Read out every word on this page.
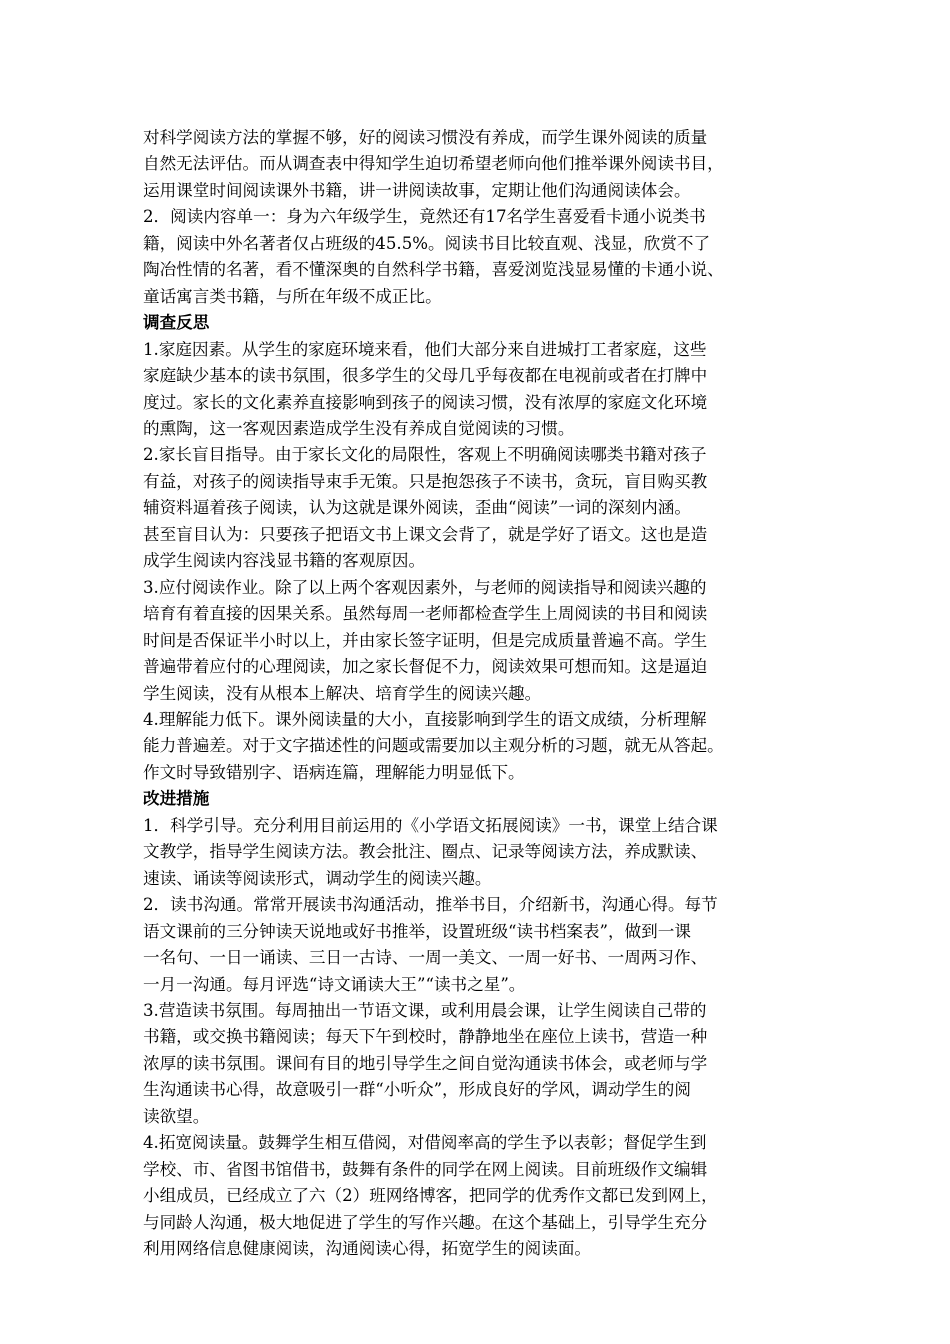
对科学阅读方法的掌握不够，好的阅读习惯没有养成，而学生课外阅读的质量
自然无法评估。而从调查表中得知学生迫切希望老师向他们推举课外阅读书目，
运用课堂时间阅读课外书籍，讲一讲阅读故事，定期让他们沟通阅读体会。
2．阅读内容单一：身为六年级学生，竟然还有17名学生喜爱看卡通小说类书
籍，阅读中外名著者仅占班级的45.5%。阅读书目比较直观、浅显，欣赏不了
陶冶性情的名著，看不懂深奥的自然科学书籍，喜爱浏览浅显易懂的卡通小说、
童话寓言类书籍，与所在年级不成正比。
调查反思
1.家庭因素。从学生的家庭环境来看，他们大部分来自进城打工者家庭，这些
家庭缺少基本的读书氛围，很多学生的父母几乎每夜都在电视前或者在打牌中
度过。家长的文化素养直接影响到孩子的阅读习惯，没有浓厚的家庭文化环境
的熏陶，这一客观因素造成学生没有养成自觉阅读的习惯。
2.家长盲目指导。由于家长文化的局限性，客观上不明确阅读哪类书籍对孩子
有益，对孩子的阅读指导束手无策。只是抱怨孩子不读书，贪玩，盲目购买教
辅资料逼着孩子阅读，认为这就是课外阅读，歪曲“阅读”一词的深刻内涵。
甚至盲目认为：只要孩子把语文书上课文会背了，就是学好了语文。这也是造
成学生阅读内容浅显书籍的客观原因。
3.应付阅读作业。除了以上两个客观因素外，与老师的阅读指导和阅读兴趣的
培育有着直接的因果关系。虽然每周一老师都检查学生上周阅读的书目和阅读
时间是否保证半小时以上，并由家长签字证明，但是完成质量普遍不高。学生
普遍带着应付的心理阅读，加之家长督促不力，阅读效果可想而知。这是逼迫
学生阅读，没有从根本上解决、培育学生的阅读兴趣。
4.理解能力低下。课外阅读量的大小，直接影响到学生的语文成绩，分析理解
能力普遍差。对于文字描述性的问题或需要加以主观分析的习题，就无从答起。
作文时导致错别字、语病连篇，理解能力明显低下。
改进措施
1．科学引导。充分利用目前运用的《小学语文拓展阅读》一书，课堂上结合课
文教学，指导学生阅读方法。教会批注、圈点、记录等阅读方法，养成默读、
速读、诵读等阅读形式，调动学生的阅读兴趣。
2．读书沟通。常常开展读书沟通活动，推举书目，介绍新书，沟通心得。每节
语文课前的三分钟读天说地或好书推举，设置班级“读书档案表”，做到一课
一名句、一日一诵读、三日一古诗、一周一美文、一周一好书、一周两习作、
一月一沟通。每月评选“诗文诵读大王”“读书之星”。
3.营造读书氛围。每周抽出一节语文课，或利用晨会课，让学生阅读自己带的
书籍，或交换书籍阅读；每天下午到校时，静静地坐在座位上读书，营造一种
浓厚的读书氛围。课间有目的地引导学生之间自觉沟通读书体会，或老师与学
生沟通读书心得，故意吸引一群“小听众”，形成良好的学风，调动学生的阅
读欲望。
4.拓宽阅读量。鼓舞学生相互借阅，对借阅率高的学生予以表彰；督促学生到
学校、市、省图书馆借书，鼓舞有条件的同学在网上阅读。目前班级作文编辑
小组成员，已经成立了六（2）班网络博客，把同学的优秀作文都已发到网上，
与同龄人沟通，极大地促进了学生的写作兴趣。在这个基础上，引导学生充分
利用网络信息健康阅读，沟通阅读心得，拓宽学生的阅读面。
